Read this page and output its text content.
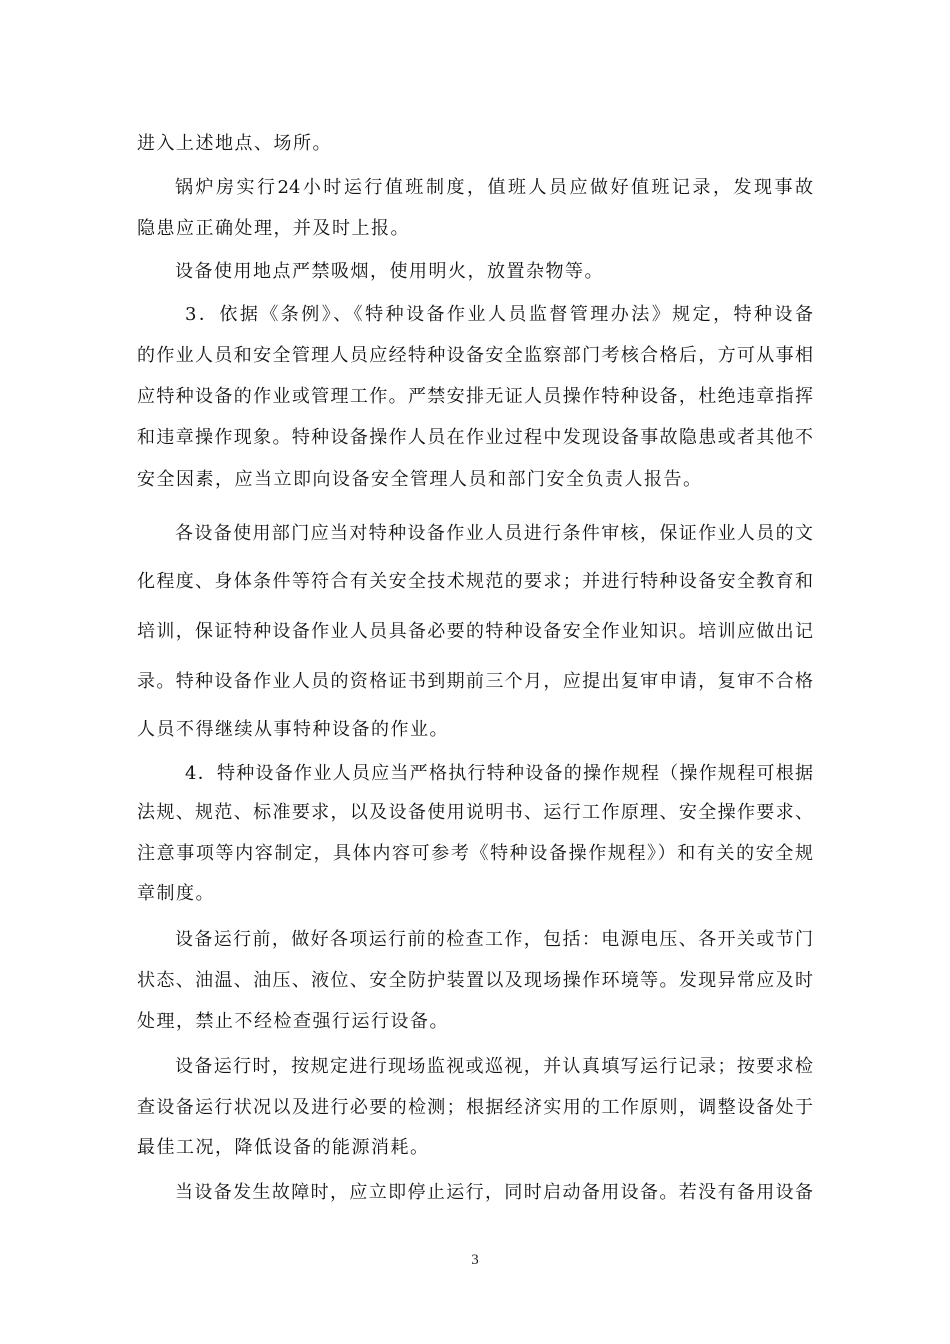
进入上述地点、场所。
锅炉房实行24小时运行值班制度，值班人员应做好值班记录，发现事故
隐患应正确处理，并及时上报。
设备使用地点严禁吸烟，使用明火，放置杂物等。
3．依据《条例》、《特种设备作业人员监督管理办法》规定，特种设备
的作业人员和安全管理人员应经特种设备安全监察部门考核合格后，方可从事相
应特种设备的作业或管理工作。严禁安排无证人员操作特种设备，杜绝违章指挥
和违章操作现象。特种设备操作人员在作业过程中发现设备事故隐患或者其他不
安全因素，应当立即向设备安全管理人员和部门安全负责人报告。
各设备使用部门应当对特种设备作业人员进行条件审核，保证作业人员的文
化程度、身体条件等符合有关安全技术规范的要求；并进行特种设备安全教育和
培训，保证特种设备作业人员具备必要的特种设备安全作业知识。培训应做出记
录。特种设备作业人员的资格证书到期前三个月，应提出复审申请，复审不合格
人员不得继续从事特种设备的作业。
4．特种设备作业人员应当严格执行特种设备的操作规程（操作规程可根据
法规、规范、标准要求，以及设备使用说明书、运行工作原理、安全操作要求、
注意事项等内容制定，具体内容可参考《特种设备操作规程》）和有关的安全规
章制度。
设备运行前，做好各项运行前的检查工作，包括：电源电压、各开关或节门
状态、油温、油压、液位、安全防护装置以及现场操作环境等。发现异常应及时
处理，禁止不经检查强行运行设备。
设备运行时，按规定进行现场监视或巡视，并认真填写运行记录；按要求检
查设备运行状况以及进行必要的检测；根据经济实用的工作原则，调整设备处于
最佳工况，降低设备的能源消耗。
当设备发生故障时，应立即停止运行，同时启动备用设备。若没有备用设备
3
